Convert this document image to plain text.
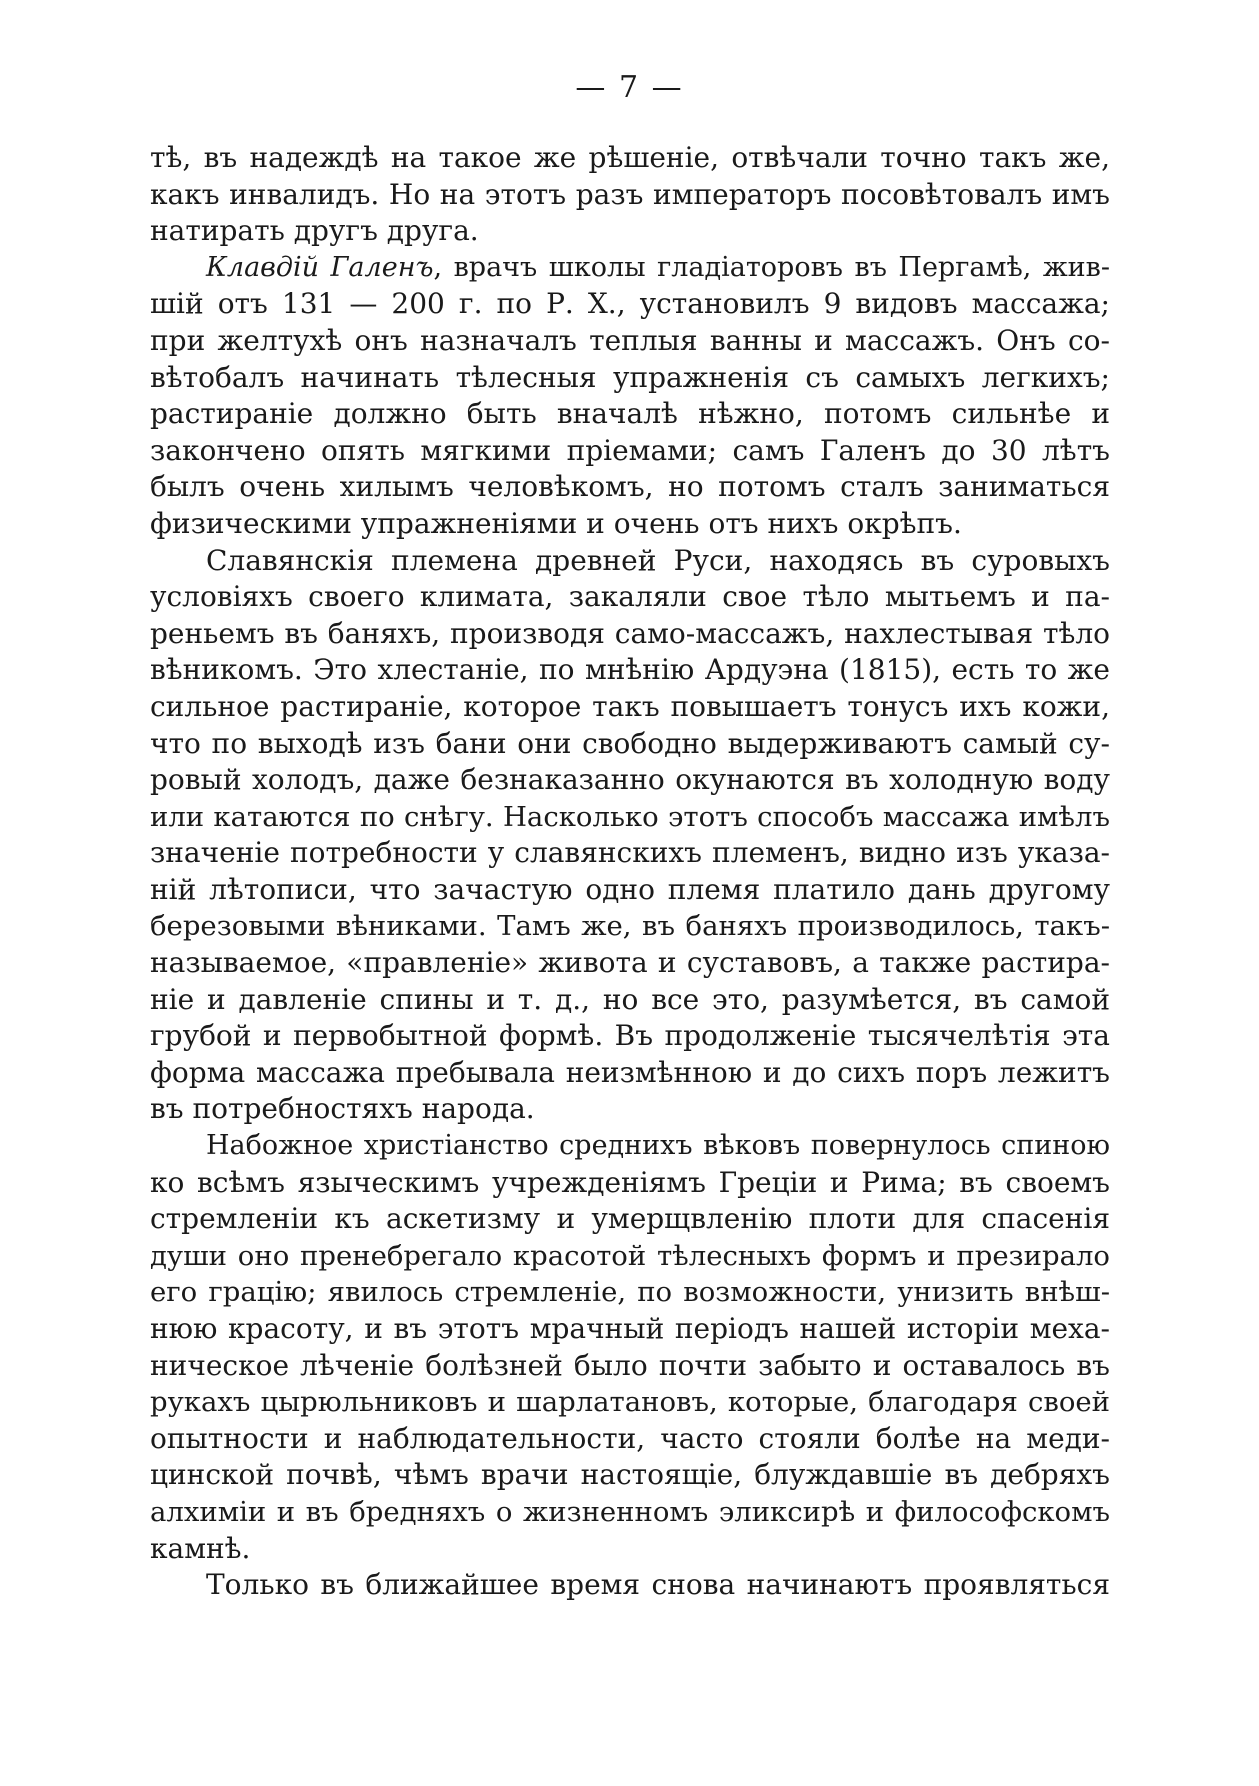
— 7 —
тѣ, въ надеждѣ на такое же рѣшеніе, отвѣчали точно такъ же,
какъ инвалидъ. Но на этотъ разъ императоръ посовѣтовалъ имъ
натирать другъ друга.
Клавдій Галенъ, врачъ школы гладіаторовъ въ Пергамѣ, жив-
шій отъ 131 — 200 г. по Р. Х., установилъ 9 видовъ массажа;
при желтухѣ онъ назначалъ теплыя ванны и массажъ. Онъ со-
вѣтобалъ начинать тѣлесныя упражненія съ самыхъ легкихъ;
растираніе должно быть вначалѣ нѣжно, потомъ сильнѣе и
закончено опять мягкими пріемами; самъ Галенъ до 30 лѣтъ
былъ очень хилымъ человѣкомъ, но потомъ сталъ заниматься
физическими упражненіями и очень отъ нихъ окрѣпъ.
Славянскія племена древней Руси, находясь въ суровыхъ
условіяхъ своего климата, закаляли свое тѣло мытьемъ и па-
реньемъ въ баняхъ, производя само-массажъ, нахлестывая тѣло
вѣникомъ. Это хлестаніе, по мнѣнію Ардуэна (1815), есть то же
сильное растираніе, которое такъ повышаетъ тонусъ ихъ кожи,
что по выходѣ изъ бани они свободно выдерживаютъ самый су-
ровый холодъ, даже безнаказанно окунаются въ холодную воду
или катаются по снѣгу. Насколько этотъ способъ массажа имѣлъ
значеніе потребности у славянскихъ племенъ, видно изъ указа-
ній лѣтописи, что зачастую одно племя платило дань другому
березовыми вѣниками. Тамъ же, въ баняхъ производилось, такъ-
называемое, «правленіе» живота и суставовъ, а также растира-
ніе и давленіе спины и т. д., но все это, разумѣется, въ самой
грубой и первобытной формѣ. Въ продолженіе тысячелѣтія эта
форма массажа пребывала неизмѣнною и до сихъ поръ лежитъ
въ потребностяхъ народа.
Набожное христіанство среднихъ вѣковъ повернулось спиною
ко всѣмъ языческимъ учрежденіямъ Греціи и Рима; въ своемъ
стремленіи къ аскетизму и умерщвленію плоти для спасенія
души оно пренебрегало красотой тѣлесныхъ формъ и презирало
его грацію; явилось стремленіе, по возможности, унизить внѣш-
нюю красоту, и въ этотъ мрачный періодъ нашей исторіи меха-
ническое лѣченіе болѣзней было почти забыто и оставалось въ
рукахъ цырюльниковъ и шарлатановъ, которые, благодаря своей
опытности и наблюдательности, часто стояли болѣе на меди-
цинской почвѣ, чѣмъ врачи настоящіе, блуждавшіе въ дебряхъ
алхиміи и въ бредняхъ о жизненномъ эликсирѣ и философскомъ
камнѣ.
Только въ ближайшее время снова начинаютъ проявляться
